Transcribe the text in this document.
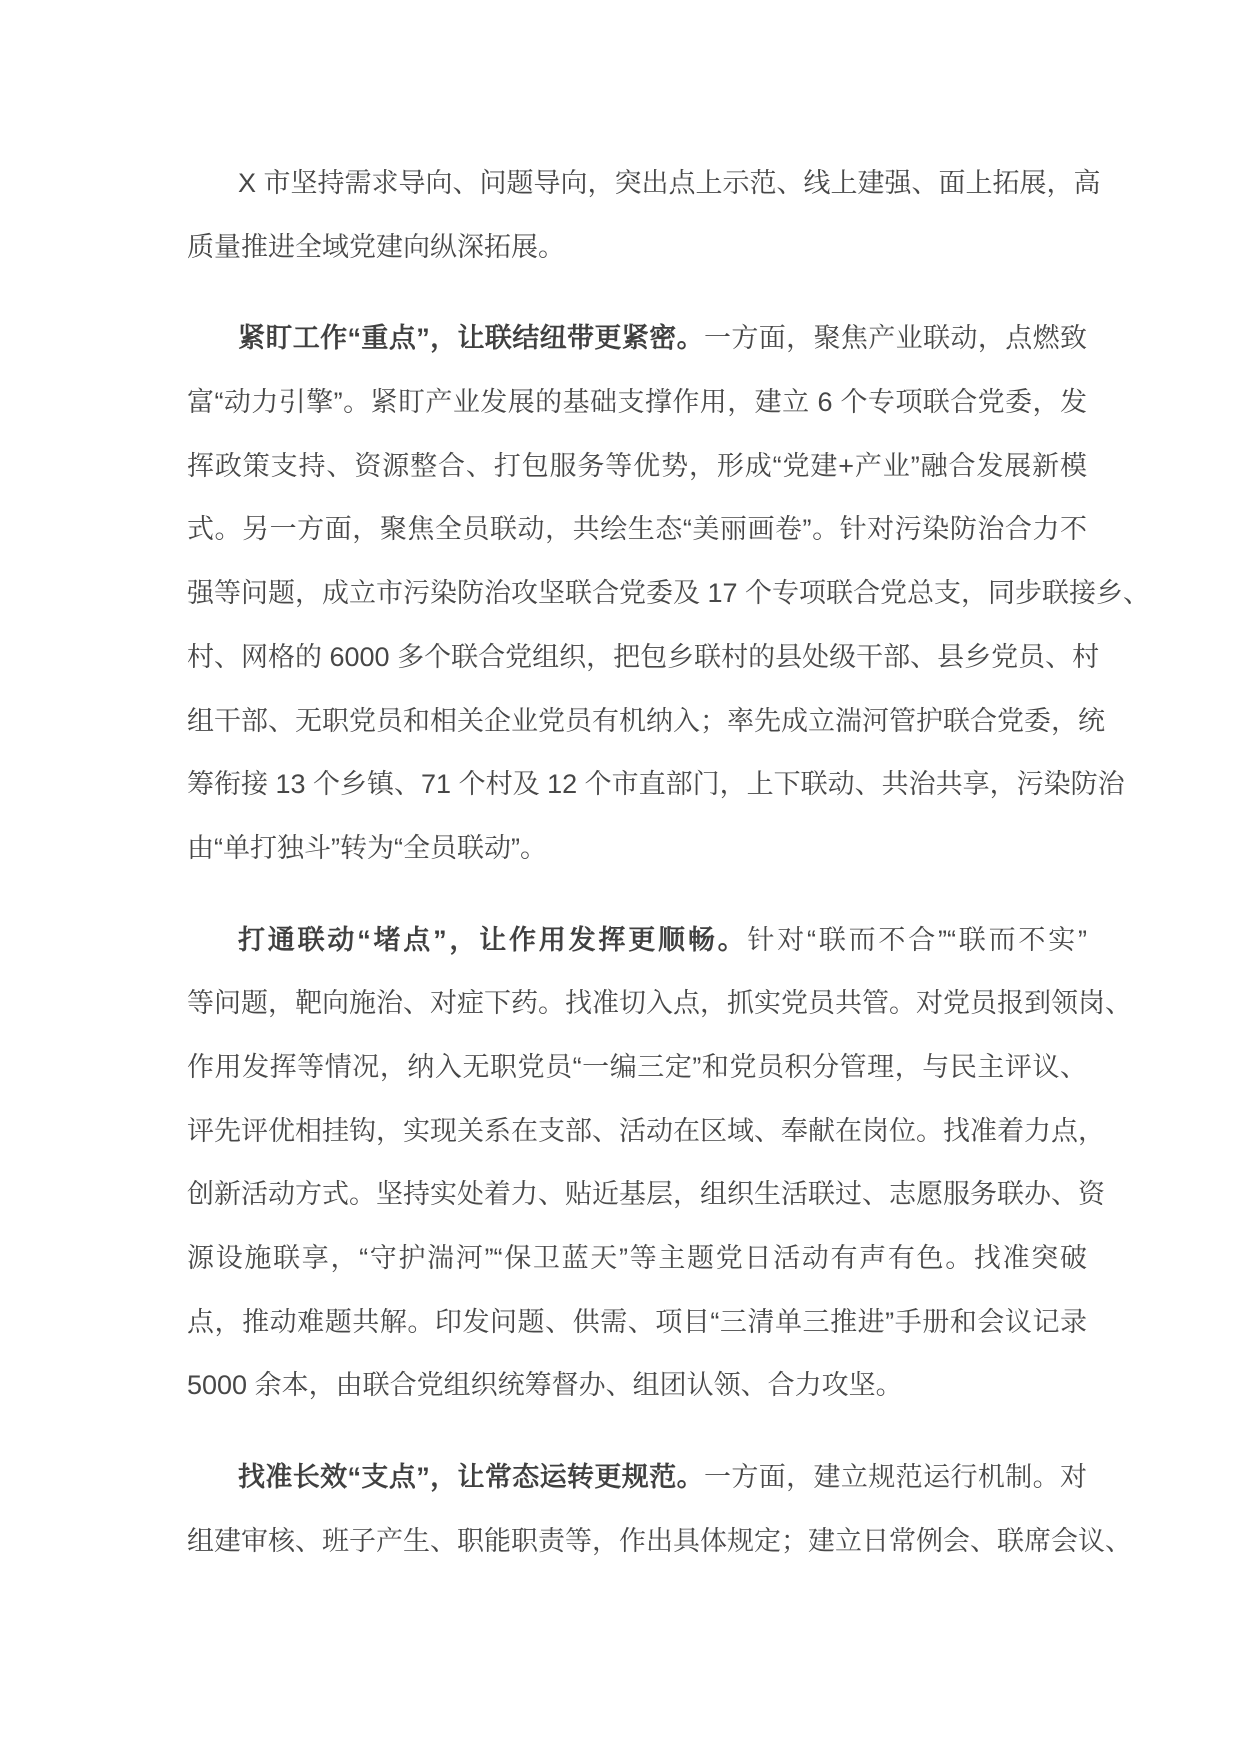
X 市坚持需求导向、问题导向，突出点上示范、线上建强、面上拓展，高
质量推进全域党建向纵深拓展。
紧盯工作“重点”，让联结纽带更紧密。一方面，聚焦产业联动，点燃致
富“动力引擎”。紧盯产业发展的基础支撑作用，建立 6 个专项联合党委，发
挥政策支持、资源整合、打包服务等优势，形成“党建+产业”融合发展新模
式。另一方面，聚焦全员联动，共绘生态“美丽画卷”。针对污染防治合力不
强等问题，成立市污染防治攻坚联合党委及 17 个专项联合党总支，同步联接乡、
村、网格的 6000 多个联合党组织，把包乡联村的县处级干部、县乡党员、村
组干部、无职党员和相关企业党员有机纳入；率先成立湍河管护联合党委，统
筹衔接 13 个乡镇、71 个村及 12 个市直部门，上下联动、共治共享，污染防治
由“单打独斗”转为“全员联动”。
打通联动“堵点”，让作用发挥更顺畅。针对“联而不合”“联而不实”
等问题，靶向施治、对症下药。找准切入点，抓实党员共管。对党员报到领岗、
作用发挥等情况，纳入无职党员“一编三定”和党员积分管理，与民主评议、
评先评优相挂钩，实现关系在支部、活动在区域、奉献在岗位。找准着力点，
创新活动方式。坚持实处着力、贴近基层，组织生活联过、志愿服务联办、资
源设施联享，“守护湍河”“保卫蓝天”等主题党日活动有声有色。找准突破
点，推动难题共解。印发问题、供需、项目“三清单三推进”手册和会议记录
5000 余本，由联合党组织统筹督办、组团认领、合力攻坚。
找准长效“支点”，让常态运转更规范。一方面，建立规范运行机制。对
组建审核、班子产生、职能职责等，作出具体规定；建立日常例会、联席会议、
